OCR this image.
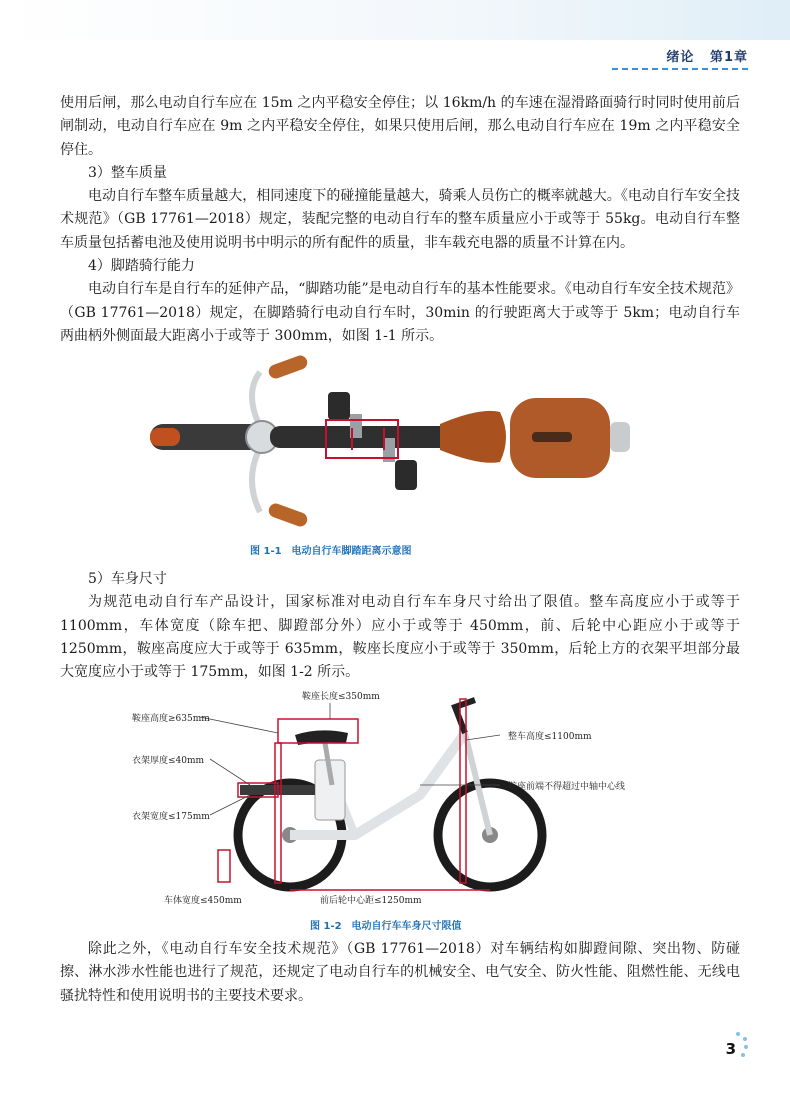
绪论 第1章

使用后闸，那么电动自行车应在 15m 之内平稳安全停住；以 16km/h 的车速在湿滑路面骑行时同时使用前后闸制动，电动自行车应在 9m 之内平稳安全停住，如果只使用后闸，那么电动自行车应在 19m 之内平稳安全停住。

3）整车质量

电动自行车整车质量越大，相同速度下的碰撞能量越大，骑乘人员伤亡的概率就越大。《电动自行车安全技术规范》（GB 17761—2018）规定，装配完整的电动自行车的整车质量应小于或等于 55kg。电动自行车整车质量包括蓄电池及使用说明书中明示的所有配件的质量，非车载充电器的质量不计算在内。

4）脚踏骑行能力

电动自行车是自行车的延伸产品，“脚踏功能”是电动自行车的基本性能要求。《电动自行车安全技术规范》（GB 17761—2018）规定，在脚踏骑行电动自行车时，30min 的行驶距离大于或等于 5km；电动自行车两曲柄外侧面最大距离小于或等于 300mm，如图 1-1 所示。

图 1-1　电动自行车脚踏距离示意图

5）车身尺寸

为规范电动自行车产品设计，国家标准对电动自行车车身尺寸给出了限值。整车高度应小于或等于 1100mm，车体宽度（除车把、脚蹬部分外）应小于或等于 450mm，前、后轮中心距应小于或等于 1250mm，鞍座高度应大于或等于 635mm，鞍座长度应小于或等于 350mm，后轮上方的衣架平坦部分最大宽度应小于或等于 175mm，如图 1-2 所示。

鞍座长度≤350mm
鞍座高度≥635mm
整车高度≤1100mm
衣架厚度≤40mm
鞍座前端不得超过中轴中心线
衣架宽度≤175mm
车体宽度≤450mm	前后轮中心距≤1250mm
图 1-2　电动自行车车身尺寸限值

除此之外，《电动自行车安全技术规范》（GB 17761—2018）对车辆结构如脚蹬间隙、突出物、防碰擦、淋水涉水性能也进行了规范，还规定了电动自行车的机械安全、电气安全、防火性能、阻燃性能、无线电骚扰特性和使用说明书的主要技术要求。

3
